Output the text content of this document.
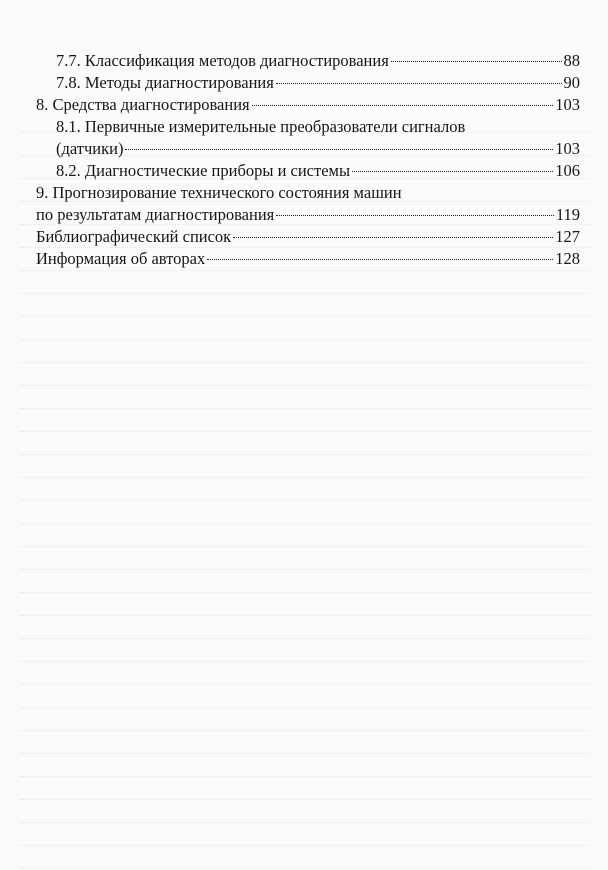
7.7. Классификация методов диагностирования	88
7.8. Методы диагностирования	90
8. Средства диагностирования	103
8.1. Первичные измерительные преобразователи сигналов
(датчики)	103
8.2. Диагностические приборы и системы	106
9. Прогнозирование технического состояния машин
по результатам диагностирования	119
Библиографический список	127
Информация об авторах	128
